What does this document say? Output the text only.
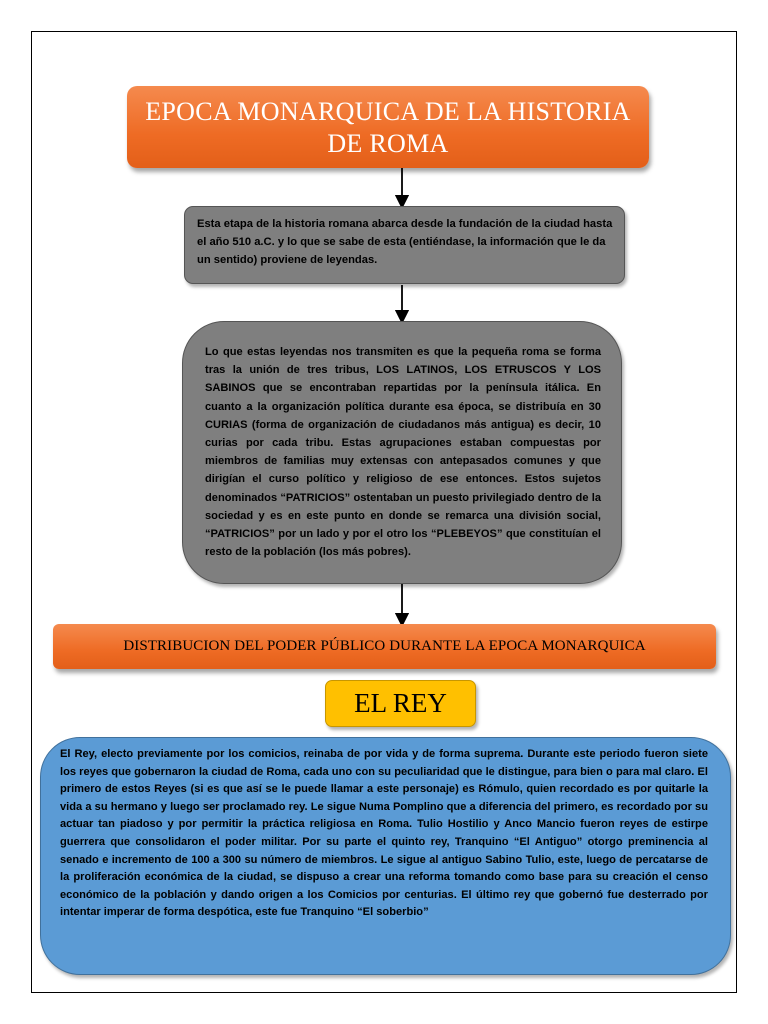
EPOCA MONARQUICA DE LA HISTORIA DE ROMA
Esta etapa de la historia romana abarca desde la fundación de la ciudad hasta el año 510 a.C. y lo que se sabe de esta (entiéndase, la información que le da un sentido) proviene de leyendas.
Lo que estas leyendas nos transmiten es que la pequeña roma se forma tras la unión de tres tribus, LOS LATINOS, LOS ETRUSCOS Y LOS SABINOS que se encontraban repartidas por la península itálica. En cuanto a la organización política durante esa época, se distribuía en 30 CURIAS (forma de organización de ciudadanos más antigua) es decir, 10 curias por cada tribu. Estas agrupaciones estaban compuestas por miembros de familias muy extensas con antepasados comunes y que dirigían el curso político y religioso de ese entonces. Estos sujetos denominados “PATRICIOS” ostentaban un puesto privilegiado dentro de la sociedad y es en este punto en donde se remarca una división social, “PATRICIOS” por un lado y por el otro los “PLEBEYOS” que constituían el resto de la población (los más pobres).
DISTRIBUCION DEL PODER PÚBLICO DURANTE LA EPOCA MONARQUICA
EL REY
El Rey, electo previamente por los comicios, reinaba de por vida y de forma suprema. Durante este periodo fueron siete los reyes que gobernaron la ciudad de Roma, cada uno con su peculiaridad que le distingue, para bien o para mal claro. El primero de estos Reyes (si es que así se le puede llamar a este personaje) es Rómulo, quien recordado es por quitarle la vida a su hermano y luego ser proclamado rey. Le sigue Numa Pomplino que a diferencia del primero, es recordado por su actuar tan piadoso y por permitir la práctica religiosa en Roma. Tulio Hostilio y Anco Mancio fueron reyes de estirpe guerrera que consolidaron el poder militar. Por su parte el quinto rey, Tranquino “El Antiguo” otorgo preminencia al senado e incremento de 100 a 300 su número de miembros. Le sigue al antiguo Sabino Tulio, este, luego de percatarse de la proliferación económica de la ciudad, se dispuso a crear una reforma tomando como base para su creación el censo económico de la población y dando origen a los Comicios por centurias. El último rey que gobernó fue desterrado por intentar imperar de forma despótica, este fue Tranquino “El soberbio”
